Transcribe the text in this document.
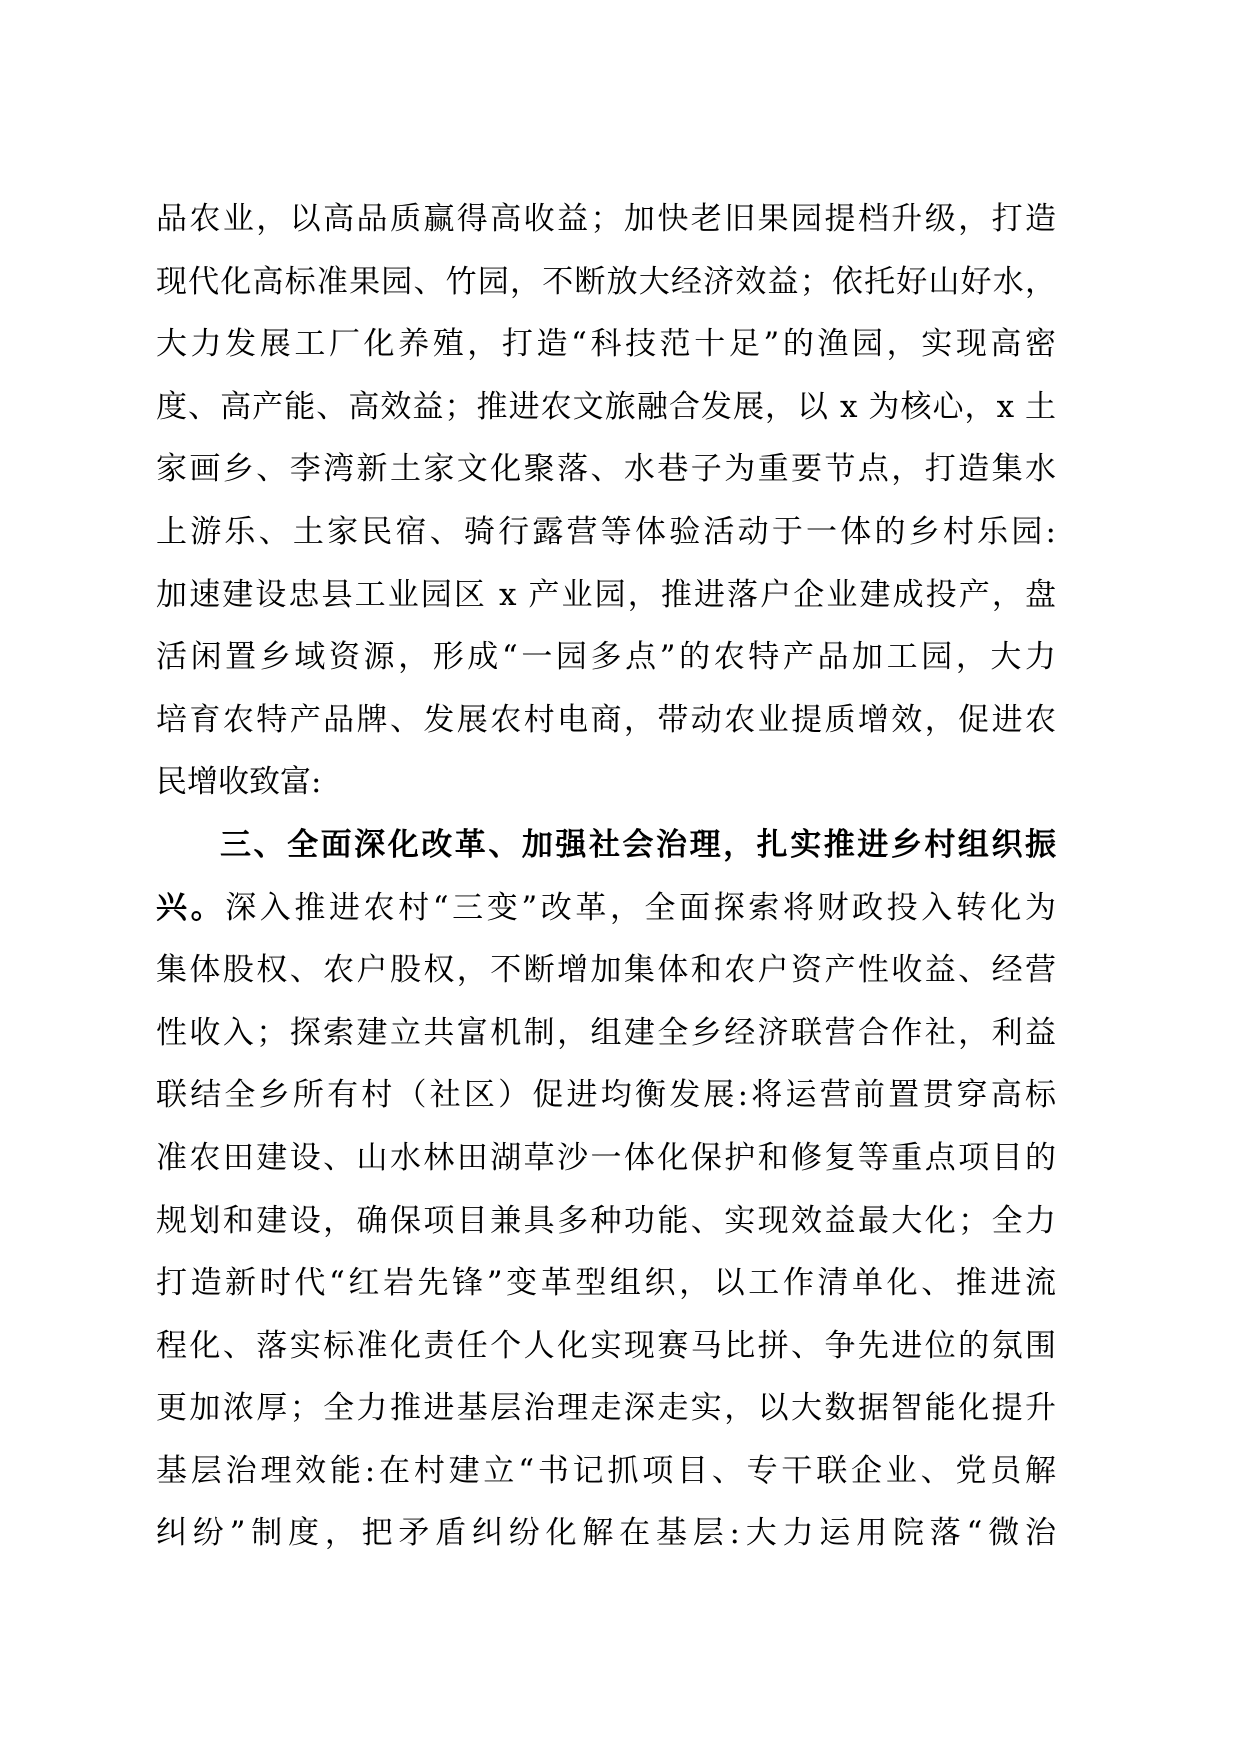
品农业，以高品质赢得高收益；加快老旧果园提档升级，打造
现代化高标准果园、竹园，不断放大经济效益；依托好山好水，
大力发展工厂化养殖，打造“科技范十足”的渔园，实现高密
度、高产能、高效益；推进农文旅融合发展，以 x 为核心，x 土
家画乡、李湾新土家文化聚落、水巷子为重要节点，打造集水
上游乐、土家民宿、骑行露营等体验活动于一体的乡村乐园:
加速建设忠县工业园区 x 产业园，推进落户企业建成投产，盘
活闲置乡域资源，形成“一园多点”的农特产品加工园，大力
培育农特产品牌、发展农村电商，带动农业提质增效，促进农
民增收致富:
三、全面深化改革、加强社会治理，扎实推进乡村组织振
兴。深入推进农村“三变”改革，全面探索将财政投入转化为
集体股权、农户股权，不断增加集体和农户资产性收益、经营
性收入；探索建立共富机制，组建全乡经济联营合作社，利益
联结全乡所有村（社区）促进均衡发展:将运营前置贯穿高标
准农田建设、山水林田湖草沙一体化保护和修复等重点项目的
规划和建设，确保项目兼具多种功能、实现效益最大化；全力
打造新时代“红岩先锋”变革型组织，以工作清单化、推进流
程化、落实标准化责任个人化实现赛马比拼、争先进位的氛围
更加浓厚；全力推进基层治理走深走实，以大数据智能化提升
基层治理效能:在村建立“书记抓项目、专干联企业、党员解
纠纷”制度，把矛盾纠纷化解在基层:大力运用院落“微治
